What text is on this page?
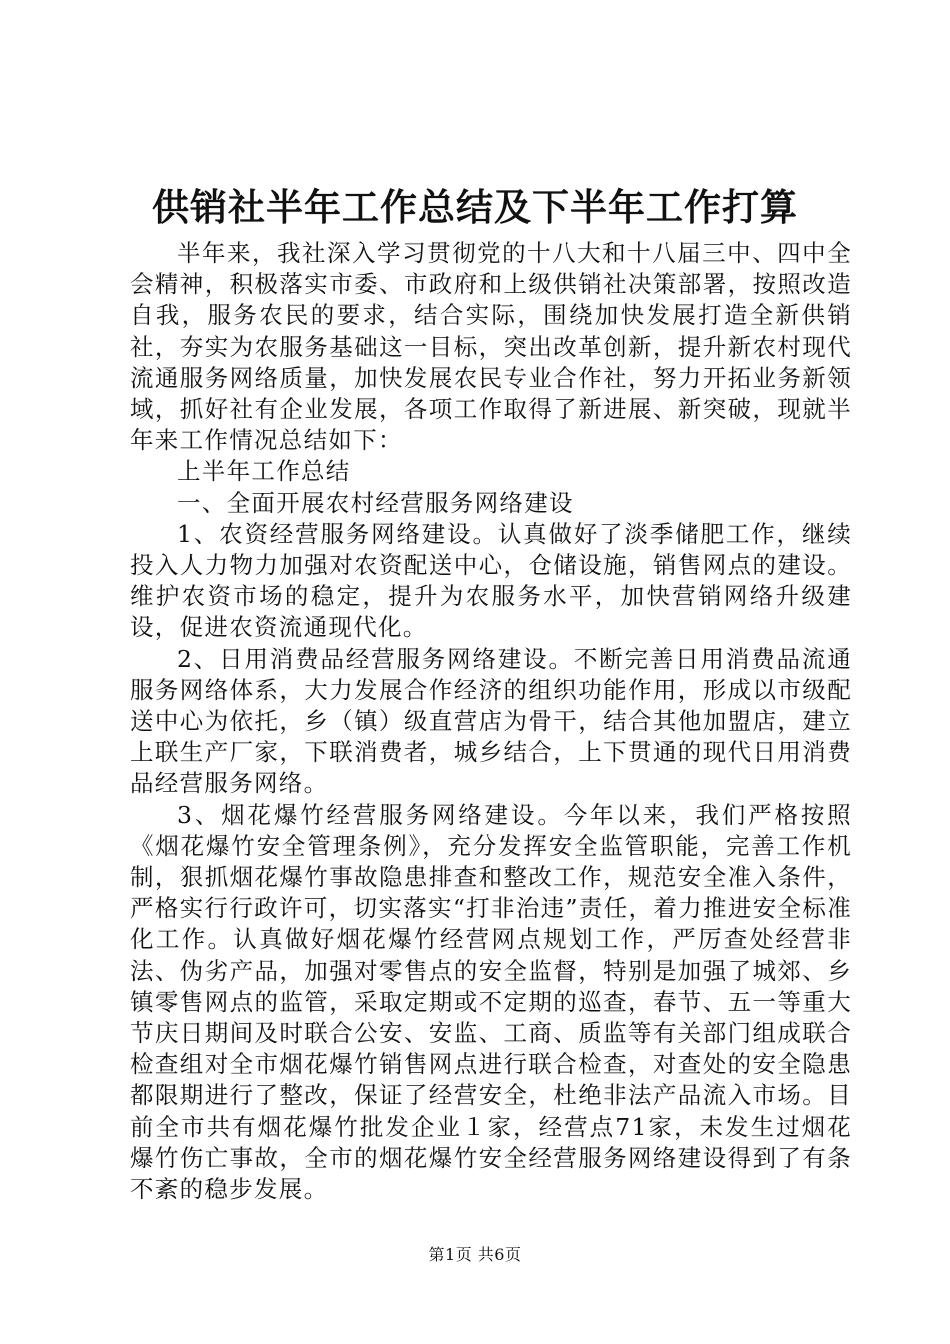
供销社半年工作总结及下半年工作打算

半年来，我社深入学习贯彻党的十八大和十八届三中、四中全会精神，积极落实市委、市政府和上级供销社决策部署，按照改造自我，服务农民的要求，结合实际，围绕加快发展打造全新供销社，夯实为农服务基础这一目标，突出改革创新，提升新农村现代流通服务网络质量，加快发展农民专业合作社，努力开拓业务新领域，抓好社有企业发展，各项工作取得了新进展、新突破，现就半年来工作情况总结如下：

上半年工作总结

一、全面开展农村经营服务网络建设

1、农资经营服务网络建设。认真做好了淡季储肥工作，继续投入人力物力加强对农资配送中心，仓储设施，销售网点的建设。维护农资市场的稳定，提升为农服务水平，加快营销网络升级建设，促进农资流通现代化。

2、日用消费品经营服务网络建设。不断完善日用消费品流通服务网络体系，大力发展合作经济的组织功能作用，形成以市级配送中心为依托，乡（镇）级直营店为骨干，结合其他加盟店，建立上联生产厂家，下联消费者，城乡结合，上下贯通的现代日用消费品经营服务网络。

3、烟花爆竹经营服务网络建设。今年以来，我们严格按照《烟花爆竹安全管理条例》，充分发挥安全监管职能，完善工作机制，狠抓烟花爆竹事故隐患排查和整改工作，规范安全准入条件，严格实行行政许可，切实落实“打非治违”责任，着力推进安全标准化工作。认真做好烟花爆竹经营网点规划工作，严厉查处经营非法、伪劣产品，加强对零售点的安全监督，特别是加强了城郊、乡镇零售网点的监管，采取定期或不定期的巡查，春节、五一等重大节庆日期间及时联合公安、安监、工商、质监等有关部门组成联合检查组对全市烟花爆竹销售网点进行联合检查，对查处的安全隐患都限期进行了整改，保证了经营安全，杜绝非法产品流入市场。目前全市共有烟花爆竹批发企业１家，经营点71家，未发生过烟花爆竹伤亡事故，全市的烟花爆竹安全经营服务网络建设得到了有条不紊的稳步发展。

第1页 共6页
